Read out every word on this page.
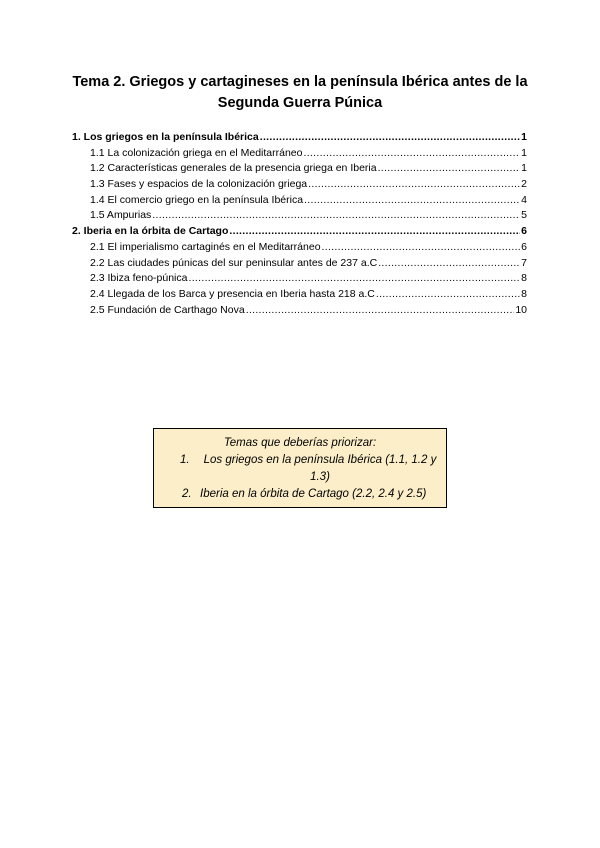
Tema 2. Griegos y cartagineses en la península Ibérica antes de la
Segunda Guerra Púnica
1. Los griegos en la península Ibérica .....	1
1.1 La colonización griega en el Meditarráneo .....	1
1.2 Características generales de la presencia griega en Iberia .....	1
1.3 Fases y espacios de la colonización griega .....	2
1.4 El comercio griego en la península Ibérica .....	4
1.5 Ampurias .....	5
2. Iberia en la órbita de Cartago .....	6
2.1 El imperialismo cartaginés en el Meditarráneo .....	6
2.2 Las ciudades púnicas del sur peninsular antes de 237 a.C .....	7
2.3 Ibiza feno-púnica .....	8
2.4 Llegada de los Barca y presencia en Iberia hasta 218 a.C .....	8
2.5 Fundación de Carthago Nova .....	10
Temas que deberías priorizar:
1.	Los griegos en la península Ibérica (1.1, 1.2 y 1.3)
2. Iberia en la órbita de Cartago (2.2, 2.4 y 2.5)
